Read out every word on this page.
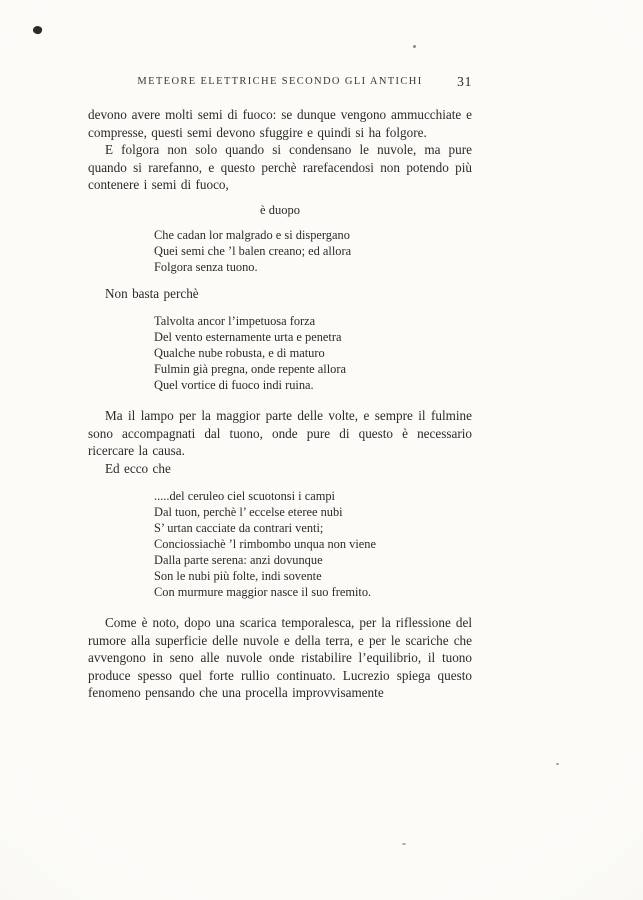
METEORE ELETTRICHE SECONDO GLI ANTICHI	31

devono avere molti semi di fuoco: se dunque vengono ammucchiate e compresse, questi semi devono sfuggire e quindi si ha folgore.

E folgora non solo quando si condensano le nuvole, ma pure quando si rarefanno, e questo perchè rarefacendosi non potendo più contenere i semi di fuoco,

è duopo
Che cadan lor malgrado e si dispergano
Quei semi che ’l balen creano; ed allora
Folgora senza tuono.

Non basta perchè

Talvolta ancor l’impetuosa forza
Del vento esternamente urta e penetra
Qualche nube robusta, e di maturo
Fulmin già pregna, onde repente allora
Quel vortice di fuoco indi ruina.

Ma il lampo per la maggior parte delle volte, e sempre il fulmine sono accompagnati dal tuono, onde pure di questo è necessario ricercare la causa.

Ed ecco che

.....del ceruleo ciel scuotonsi i campi
Dal tuon, perchè l’ eccelse eteree nubi
S’ urtan cacciate da contrari venti;
Conciossiachè ’l rimbombo unqua non viene
Dalla parte serena: anzi dovunque
Son le nubi più folte, indi sovente
Con murmure maggior nasce il suo fremito.

Come è noto, dopo una scarica temporalesca, per la riflessione del rumore alla superficie delle nuvole e della terra, e per le scariche che avvengono in seno alle nuvole onde ristabilire l’equilibrio, il tuono produce spesso quel forte rullio continuato. Lucrezio spiega questo fenomeno pensando che una procella improvvisamente
